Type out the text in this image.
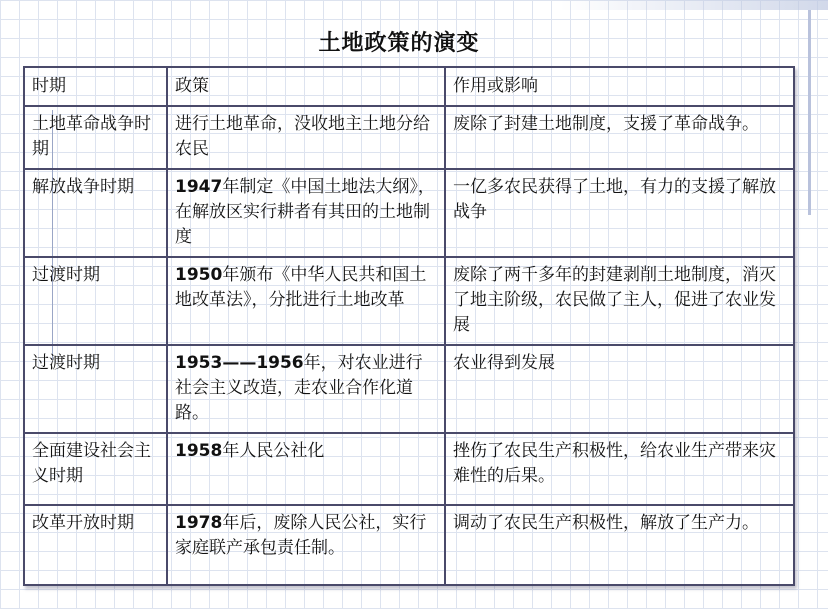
土地政策的演变
时期	政策	作用或影响
土地革命战争时期	进行土地革命，没收地主土地分给农民	废除了封建土地制度，支援了革命战争。
解放战争时期	1947年制定《中国土地法大纲》，在解放区实行耕者有其田的土地制度	一亿多农民获得了土地，有力的支援了解放战争
过渡时期	1950年颁布《中华人民共和国土地改革法》，分批进行土地改革	废除了两千多年的封建剥削土地制度，消灭了地主阶级，农民做了主人，促进了农业发展
过渡时期	1953——1956年，对农业进行社会主义改造，走农业合作化道路。	农业得到发展
全面建设社会主义时期	1958年人民公社化	挫伤了农民生产积极性，给农业生产带来灾难性的后果。
改革开放时期	1978年后，废除人民公社，实行家庭联产承包责任制。	调动了农民生产积极性，解放了生产力。
